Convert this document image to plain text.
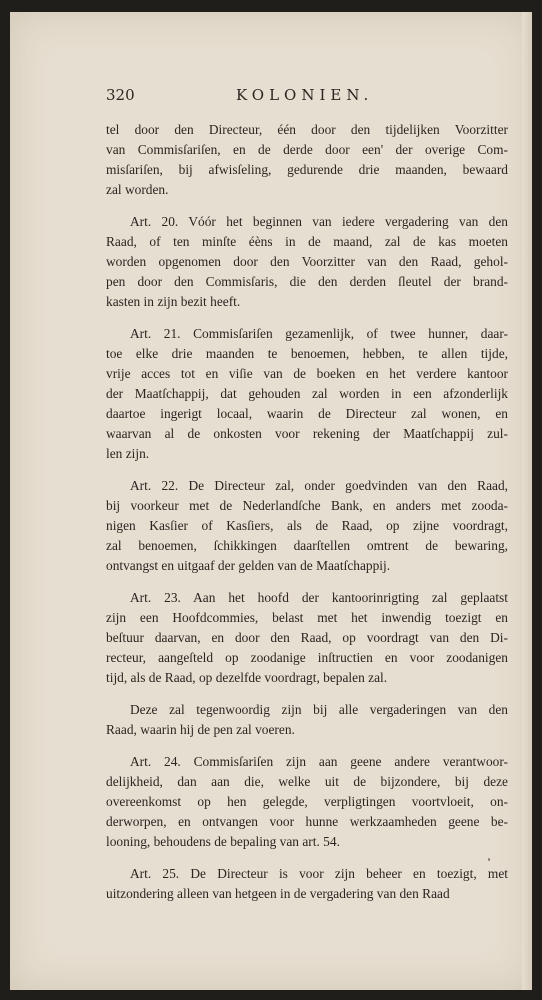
320	KOLONIEN.
tel door den Directeur, één door den tijdelijken Voorzitter
van Commisſariſen, en de derde door een' der overige Com-
misſariſen, bij afwisſeling, gedurende drie maanden, bewaard
zal worden.
Art. 20. Vóór het beginnen van iedere vergadering van den
Raad, of ten minſte éèns in de maand, zal de kas moeten
worden opgenomen door den Voorzitter van den Raad, gehol-
pen door den Commisſaris, die den derden ſleutel der brand-
kasten in zijn bezit heeft.
Art. 21. Commisſariſen gezamenlijk, of twee hunner, daar-
toe elke drie maanden te benoemen, hebben, te allen tijde,
vrije acces tot en viſie van de boeken en het verdere kantoor
der Maatſchappij, dat gehouden zal worden in een afzonderlijk
daartoe ingerigt locaal, waarin de Directeur zal wonen, en
waarvan al de onkosten voor rekening der Maatſchappij zul-
len zijn.
Art. 22. De Directeur zal, onder goedvinden van den Raad,
bij voorkeur met de Nederlandſche Bank, en anders met zooda-
nigen Kasſier of Kasſiers, als de Raad, op zijne voordragt,
zal benoemen, ſchikkingen daarſtellen omtrent de bewaring,
ontvangst en uitgaaf der gelden van de Maatſchappij.
Art. 23. Aan het hoofd der kantoorinrigting zal geplaatst
zijn een Hoofdcommies, belast met het inwendig toezigt en
beſtuur daarvan, en door den Raad, op voordragt van den Di-
recteur, aangeſteld op zoodanige inſtructien en voor zoodanigen
tijd, als de Raad, op dezelfde voordragt, bepalen zal.
Deze zal tegenwoordig zijn bij alle vergaderingen van den
Raad, waarin hij de pen zal voeren.
Art. 24. Commisſariſen zijn aan geene andere verantwoor-
delijkheid, dan aan die, welke uit de bijzondere, bij deze
overeenkomst op hen gelegde, verpligtingen voortvloeit, on-
derworpen, en ontvangen voor hunne werkzaamheden geene be-
looning, behoudens de bepaling van art. 54.
Art. 25. De Directeur is voor zijn beheer en toezigt, met
uitzondering alleen van hetgeen in de vergadering van den Raad
